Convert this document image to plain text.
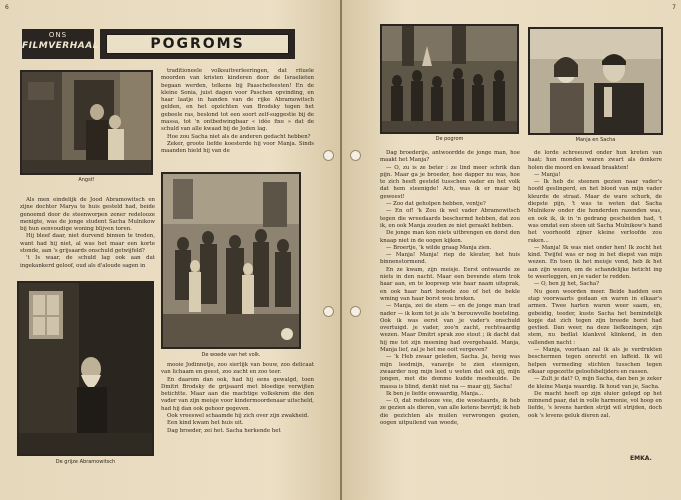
6
ONS
FILMVERHAAL	POGROMS
Angst!

traditioneele volksuitverleeringen, dat rituele moorden van kristen kinderen door de Israelieten begaan werden, telkens bij Paaschefeesten! En de kleine Sonia, juist dagen voor Paschen opvinding, en haar laatje in handen van de rijke Abramowitsch gelden, en het opzichten van Brodsky tegen het gebeele ras, beslond tot een soort zelf-suggestie bij de massa, tot 'n ontbedwingbaar « idée fixe » dat de schuld van alle kwaad bij de Joden lag.

Hoe zou Sacha niet als de anderen gedacht hebben?

Zeker, groote liefde koesterde hij voor Manja. Sinds maanden hield hij van de

Als men eindelijk de Jood Abramowitsch en zijne dochter Marya te huis gesteld had, beide genoemd door de steenworpen zener redelooze menigte, was de jonge student Sacha Mulnikow bij hun eenvoudige woning blijven toren.

Hij bleef daar, niet durvend binnen te treden, want had hij niet, al was het maar een korte stonde, aan 's grijsaards onschuld getwijfeld?

't Is waar, de schuld lag ook aan dat ingekankerd geloof, oud als d'aloude sagen in

De woede van het volk.
De grijze Abramowitsch

mooie Jodinnetje, zoo sierlijk van bouw, zoo delicaat van lichaam en geest, zoo zacht en zoo teer.

En daarom dan ook, had hij eens gewalgd, toen Dmitri Brodsky de grijsaard met bloedige verwijten betichtte. Maar aan die machtige volkskrem die den vader van zijn meisje voor kindermoordenaar uitscheld, had hij dan ook gehoor gegeven.

Ook vreeswel schaamde hij zich over zijn zwakheid.

Een kind kwam het huis uit.

Dag broeder, zei het. Sacha herkende het

7
De pogrom	Manja en Sacha

Dag broederije, antwoordde de jonge man, hoe maakt het Manja?

— O, zu is ze beter : ze lind meer schrik dan pijn. Maar ga je broeder, hoe dapper nu was, hoe te zich heeft gesteld tusschen vader en het volk dat hem steenigde! Ach, was ik er maar bij geweest!

— Zoo dat geholpen hebben, ventje?

— En of! 'k Zou ik wel vader Abramowitsch tegen die wreedaards beschermd hebben, dat zou ik, en ook Manja zouden ze niet geraakt hebben.

De jonge man kon niets uitbrengen en dorst den knaap niet in de oogen kijken.

— Broertje, 'k wilde graag Manja zien.

— Manja! Manja! riep de kleuter, het huis binnenstormend.

En ze kwam, zijn meisje. Eerst ontwaarde ze niets in den nacht. Maar een bevende stem trok haar aan, en te loopreep wie haar naam uitsprak, en ook haar hart bonsde zoo of het de bekle wming van haar borst wou breken.

— Manja, zei de stem — en de jonge man trad nader — ik kom tot je als 'n berouwvolle boeteling. Ook ik was eerst van je vader's onschuld overtuigd. je vader, zoo'n zacht, rechtvaardig wezen. Maar Dmitri sprak zoo stout ; ik dacht dat hij me tot zijn meening had overgehaald. Manja, Manja lief, zal je het me ooit vergeven?

— 'k Heb zwaar geleden, Sacha. Ja, hevig was mijn leedmijn, vanavije te zien steenigen, zwaarder nog mijn leed u weten dat ook gij, mijn jongen, met die domme kudde meeheulde. De massa is blind, denkt niet na — maar gij, Sacha!

Ik ben je liefde onwaardig, Manja...

— O, dat redelooze vee, die woestaards, ik heb ze gezien als dieren, van alle ketens bevrijd; ik heb die gezichten als muilen verwrongen gezien, oogen uitpuilend van woede,

de lorde schreeuwd onder hun kreten van haat; hun monden waren zwart als donkere holen die moord en kwaad braakten!

— Manja!

— Ik heb de steenen gezien naar vader's hoofd geslingerd, en het bloed van mijn vader kleurde de straat. Maar de ware schurk, de diepste pijn, 't was te weten dat Sacha Mulnikow onder die honderden razenden was, en ook ik, ik in 'n gedrang gescheiden had, 't was omdat een steen uit Sacha Mulnikow's hand het voorhoofd zijner kleine verloofde zou raken...

— Manja! Ik was niet onder hen! Ik zocht het kind. Twijfel was er nog in het diepst van mijn wezen. En toen ik het meisje vond, heb ik het aan zijn wezen, om de schandelijke beticht ing te weerleggen, en je vader te redden.

— O, ben jij het, Sacha?

Nu geen woorden meer. Beide hadden een stap voorwaarts gedaan en waren in elkaar's armen. Twee harten waren weer saam, en, gebeidig, teeder, kuste Sacha het bemindelijk kopje dat zich tegen zijn breede borst had gevlied. Dan weer, na deze liefkozingen, zijn stem, nu bedlat klankvol klinkend, in den vallenden nacht :

— Manja, voortaan zal ik als je verdrukten beschermen tegen onrecht en laffeid. Ik wil helpen vermeding stichten tusschen tegen elkaar opgezette geloofsbelijders en rassen.

— Zult je dat? O, mijn Sacha, dan ben je zeker de kleine Manja waardig. Ik houd van je, Sacha.

De macht heeft op zijn sluier gelegd op het minnend paar, dat in volle harmonie, vol hoop en liefde, 's levens harden strijd wil strijden, doch ook 's levens geluk dieren zal.

EMKA.
